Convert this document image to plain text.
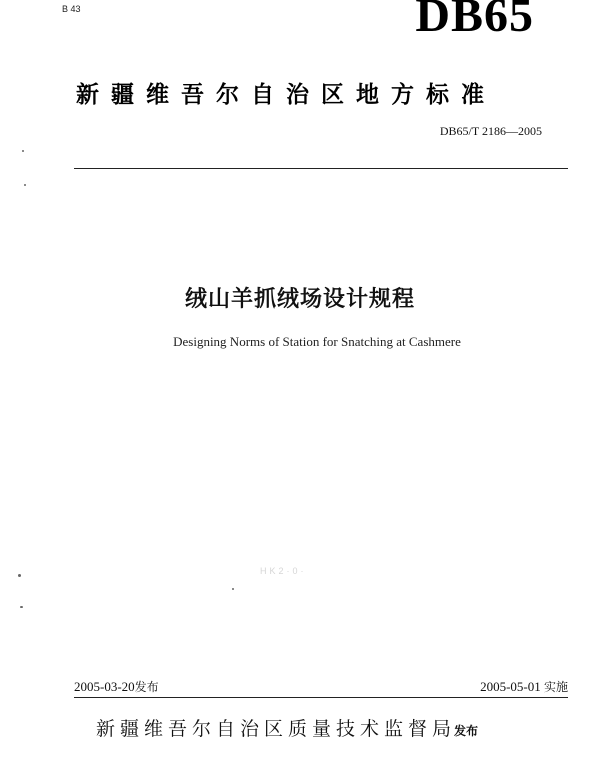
B 43	DB65
新疆维吾尔自治区地方标准
DB65/T 2186—2005
绒山羊抓绒场设计规程
Designing Norms of Station for Snatching at Cashmere
HK2·0·
2005-03-20发布	2005-05-01 实施
新疆维吾尔自治区质量技术监督局发布
